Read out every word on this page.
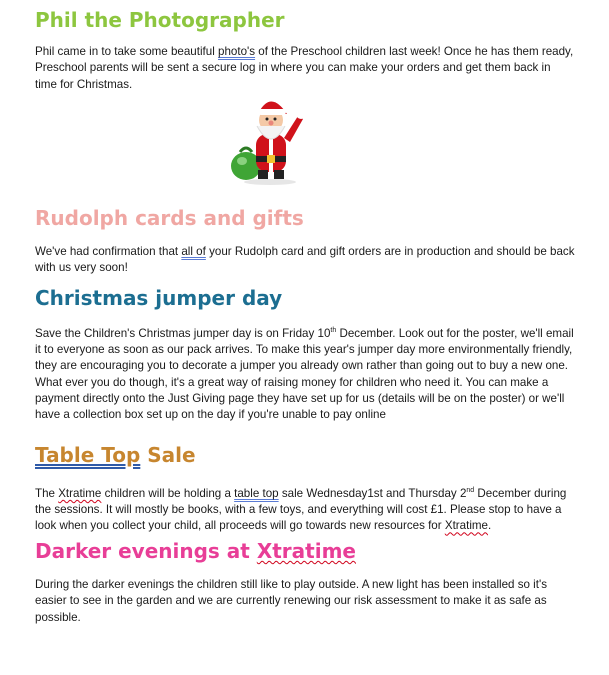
Phil the Photographer

Phil came in to take some beautiful photo's of the Preschool children last week! Once he has them ready, Preschool parents will be sent a secure log in where you can make your orders and get them back in time for Christmas.

Rudolph cards and gifts

We've had confirmation that all of your Rudolph card and gift orders are in production and should be back with us very soon!

Christmas jumper day

Save the Children's Christmas jumper day is on Friday 10th December. Look out for the poster, we'll email it to everyone as soon as our pack arrives. To make this year's jumper day more environmentally friendly, they are encouraging you to decorate a jumper you already own rather than going out to buy a new one. What ever you do though, it's a great way of raising money for children who need it. You can make a payment directly onto the Just Giving page they have set up for us (details will be on the poster) or we'll have a collection box set up on the day if you're unable to pay online

Table Top Sale

The Xtratime children will be holding a table top sale Wednesday1st and Thursday 2nd December during the sessions. It will mostly be books, with a few toys, and everything will cost £1. Please stop to have a look when you collect your child, all proceeds will go towards new resources for Xtratime.

Darker evenings at Xtratime

During the darker evenings the children still like to play outside. A new light has been installed so it's easier to see in the garden and we are currently renewing our risk assessment to make it as safe as possible.
